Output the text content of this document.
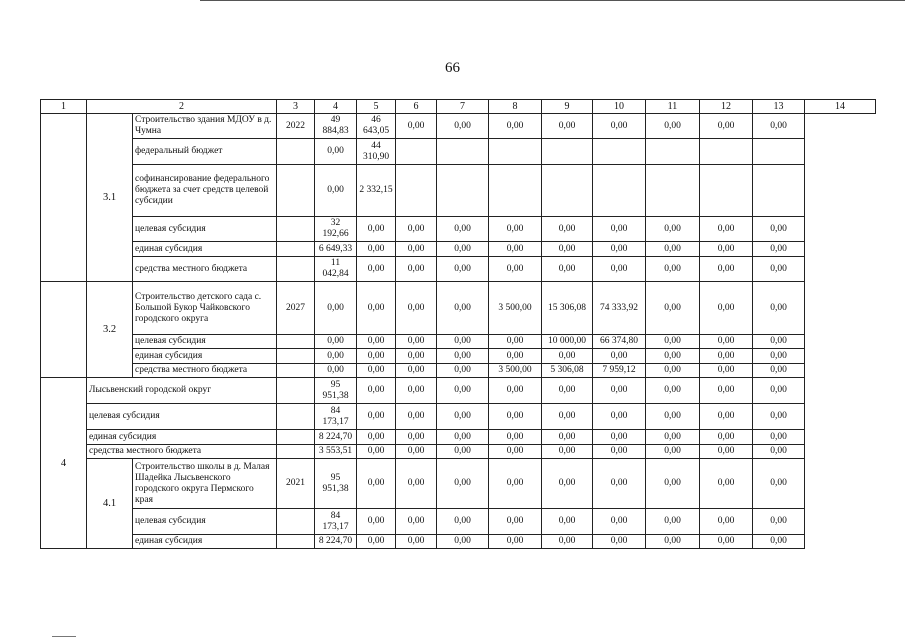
66
1	2		3	4	5	6	7	8	9	10	11	12	13	14
	3.1	Строительство здания МДОУ в д. Чумна	2022	49 884,83	46 643,05	0,00	0,00	0,00	0,00	0,00	0,00	0,00	0,00	
		федеральный бюджет		0,00	44 310,90									
		софинансирование федерального бюджета за счет средств целевой субсидии		0,00	2 332,15									
		целевая субсидия		32 192,66	0,00	0,00	0,00	0,00	0,00	0,00	0,00	0,00	0,00	
		единая субсидия		6 649,33	0,00	0,00	0,00	0,00	0,00	0,00	0,00	0,00	0,00	
		средства местного бюджета		11 042,84	0,00	0,00	0,00	0,00	0,00	0,00	0,00	0,00	0,00	
	3.2	Строительство детского сада с. Большой Букор Чайковского городского округа	2027	0,00	0,00	0,00	0,00	3 500,00	15 306,08	74 333,92	0,00	0,00	0,00	
		целевая субсидия		0,00	0,00	0,00	0,00	0,00	10 000,00	66 374,80	0,00	0,00	0,00	
		единая субсидия		0,00	0,00	0,00	0,00	0,00	0,00	0,00	0,00	0,00	0,00	
		средства местного бюджета		0,00	0,00	0,00	0,00	3 500,00	5 306,08	7 959,12	0,00	0,00	0,00	
4	Лысьвенский городской округ			95 951,38	0,00	0,00	0,00	0,00	0,00	0,00	0,00	0,00	0,00	
	целевая субсидия			84 173,17	0,00	0,00	0,00	0,00	0,00	0,00	0,00	0,00	0,00	
	единая субсидия			8 224,70	0,00	0,00	0,00	0,00	0,00	0,00	0,00	0,00	0,00	
	средства местного бюджета			3 553,51	0,00	0,00	0,00	0,00	0,00	0,00	0,00	0,00	0,00	
	4.1	Строительство школы в д. Малая Шадейка Лысьвенского городского округа Пермского края	2021	95 951,38	0,00	0,00	0,00	0,00	0,00	0,00	0,00	0,00	0,00	
		целевая субсидия		84 173,17	0,00	0,00	0,00	0,00	0,00	0,00	0,00	0,00	0,00	
		единая субсидия		8 224,70	0,00	0,00	0,00	0,00	0,00	0,00	0,00	0,00	0,00	
